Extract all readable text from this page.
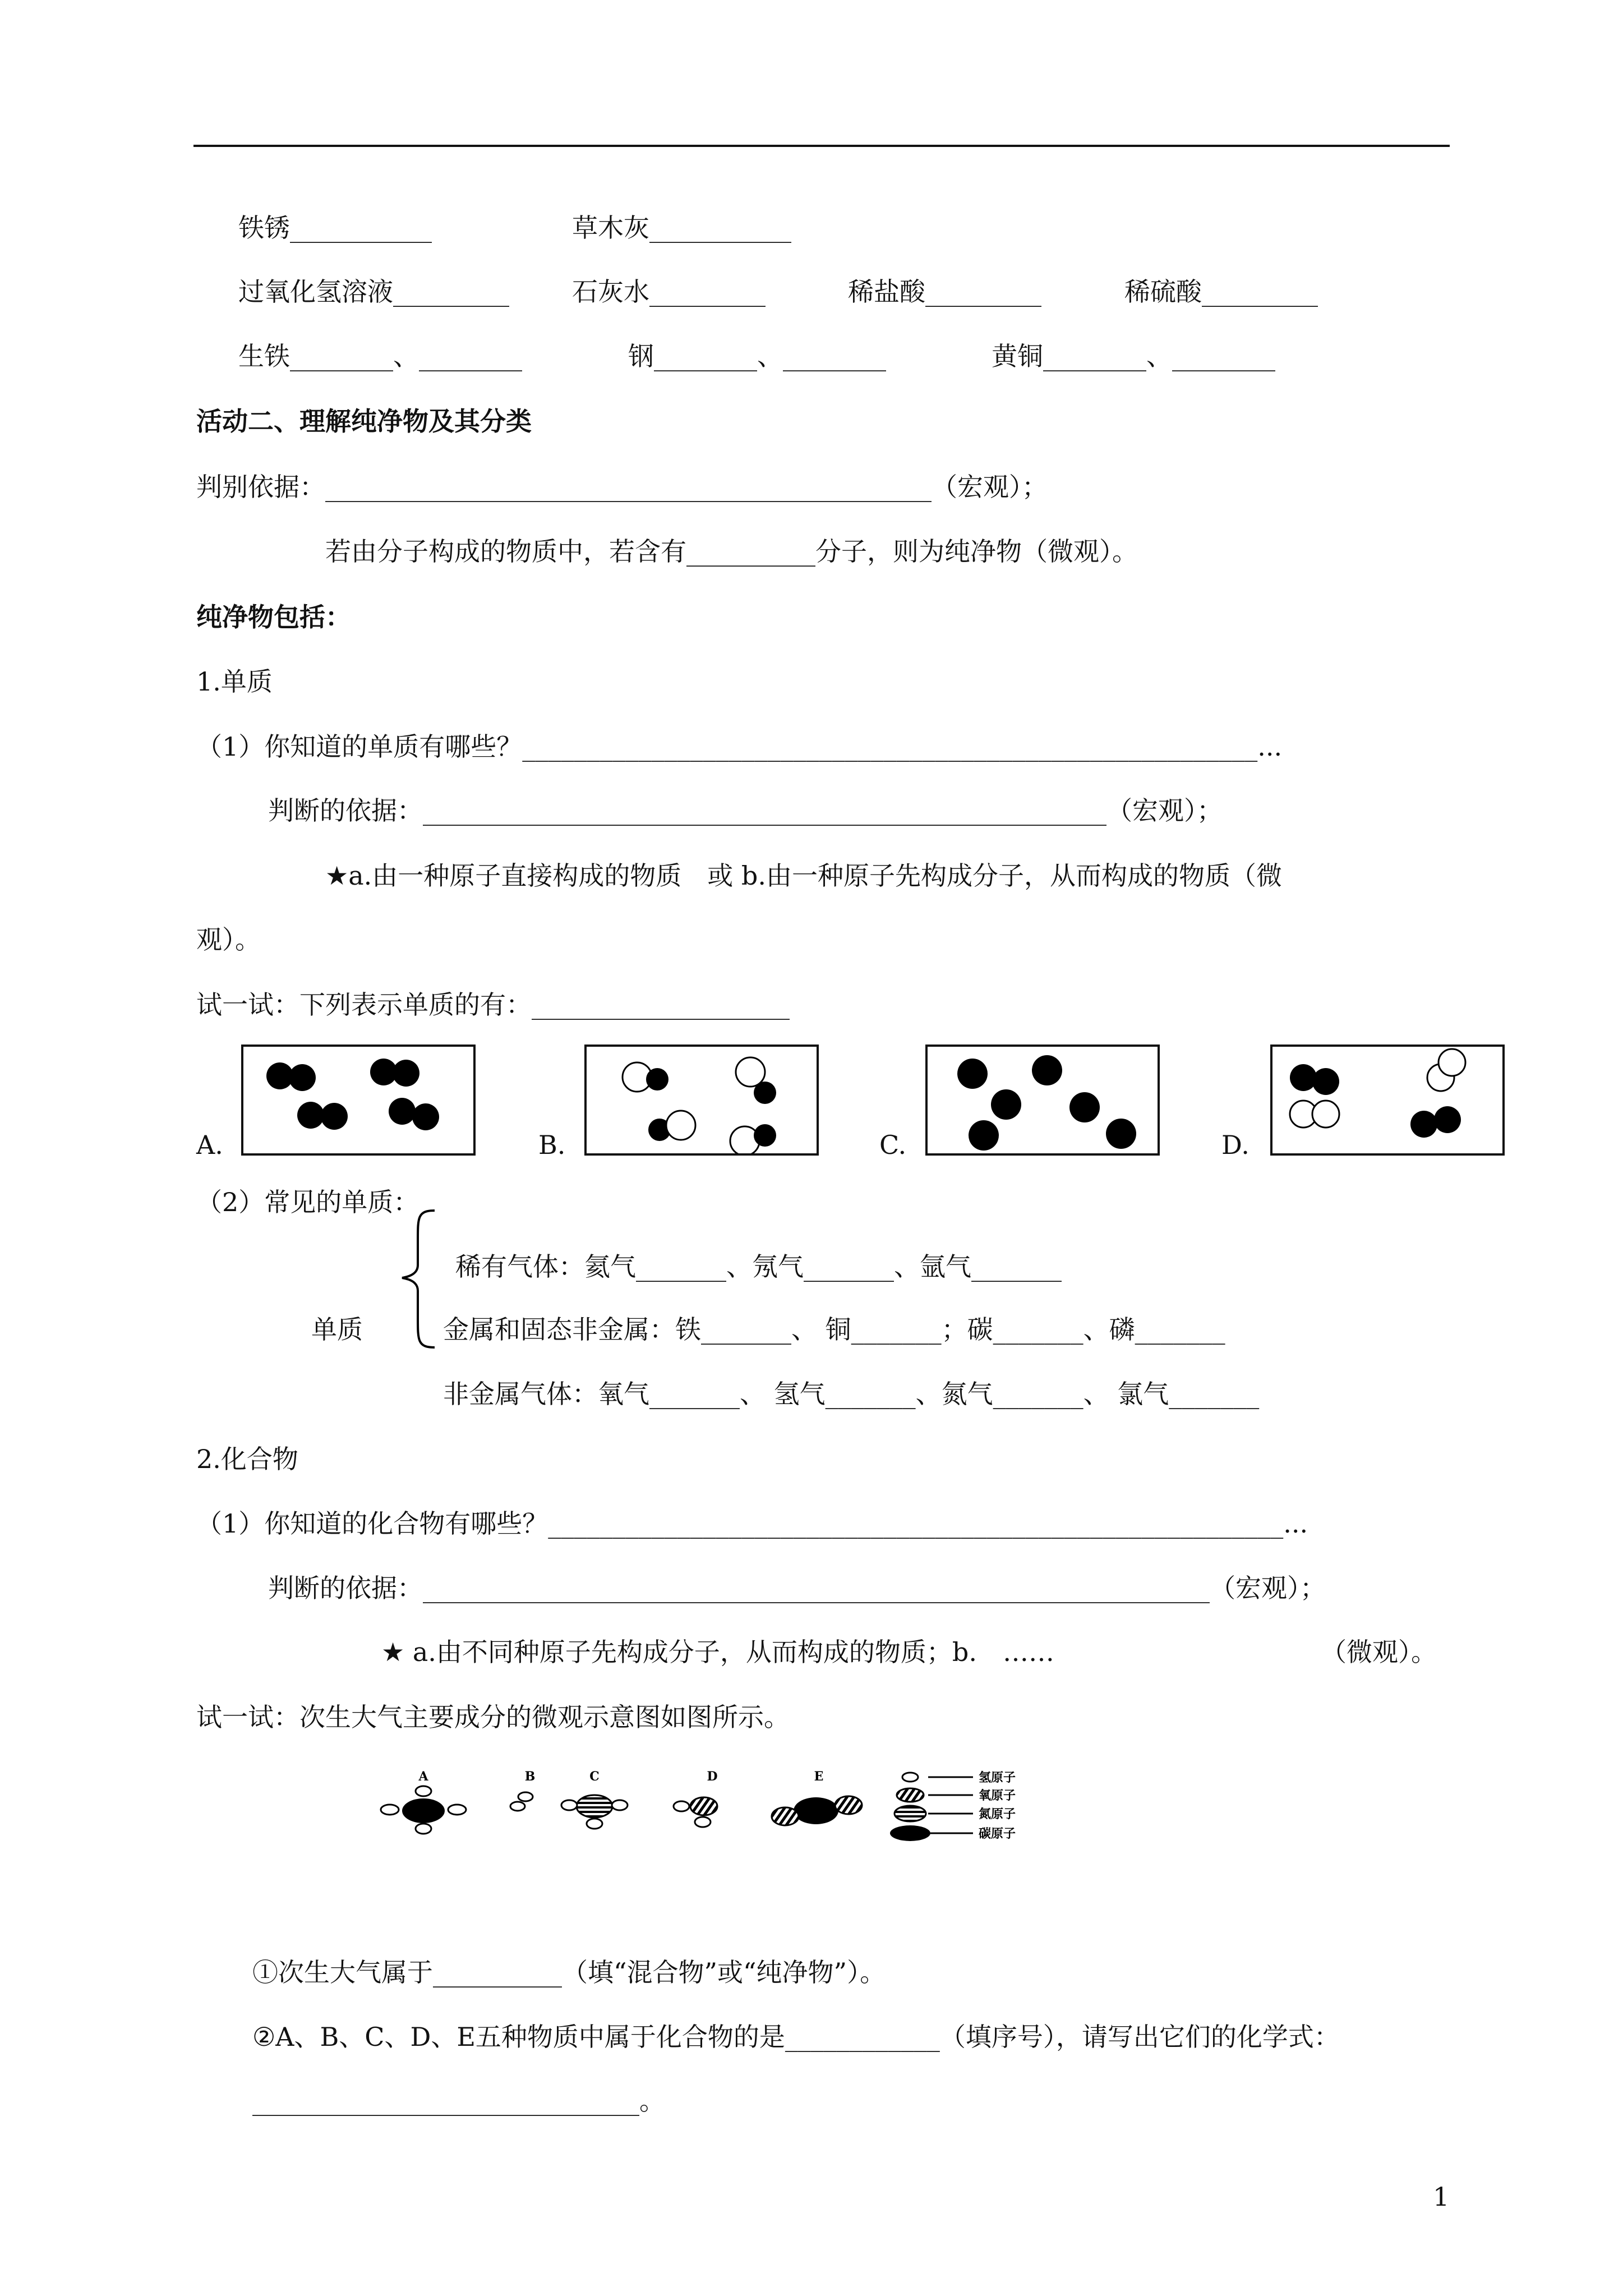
铁锈___________	草木灰___________
过氧化氢溶液_________ 石灰水_________	稀盐酸_________	稀硫酸_________
生铁________、________	钢________、________	黄铜________、________
活动二、理解纯净物及其分类
判别依据：_______________________________________________（宏观）；
若由分子构成的物质中，若含有__________分子，则为纯净物（微观）。
纯净物包括：
1.单质
（1）你知道的单质有哪些？_________________________________________________________...
判断的依据：_____________________________________________________（宏观）；
★a.由一种原子直接构成的物质　或 b.由一种原子先构成分子，从而构成的物质（微
观）。
试一试：下列表示单质的有：____________________
A.	B.	C.	D.
（2）常见的单质：
稀有气体：氦气_______、氖气_______、氩气_______
单质	金属和固态非金属：铁_______、 铜_______；碳_______、磷_______
非金属气体：氧气_______、 氢气_______、氮气_______、 氯气_______
2.化合物
（1）你知道的化合物有哪些？_________________________________________________________...
判断的依据：_____________________________________________________________（宏观）；
★ a.由不同种原子先构成分子，从而构成的物质；b.　……	（微观）。
试一试：次生大气主要成分的微观示意图如图所示。
A	B	C	D	E	氢原子
氧原子
氮原子
碳原子
①次生大气属于__________（填“混合物”或“纯净物”）。
②A、B、C、D、E五种物质中属于化合物的是____________（填序号），请写出它们的化学式：
______________________________。
1
